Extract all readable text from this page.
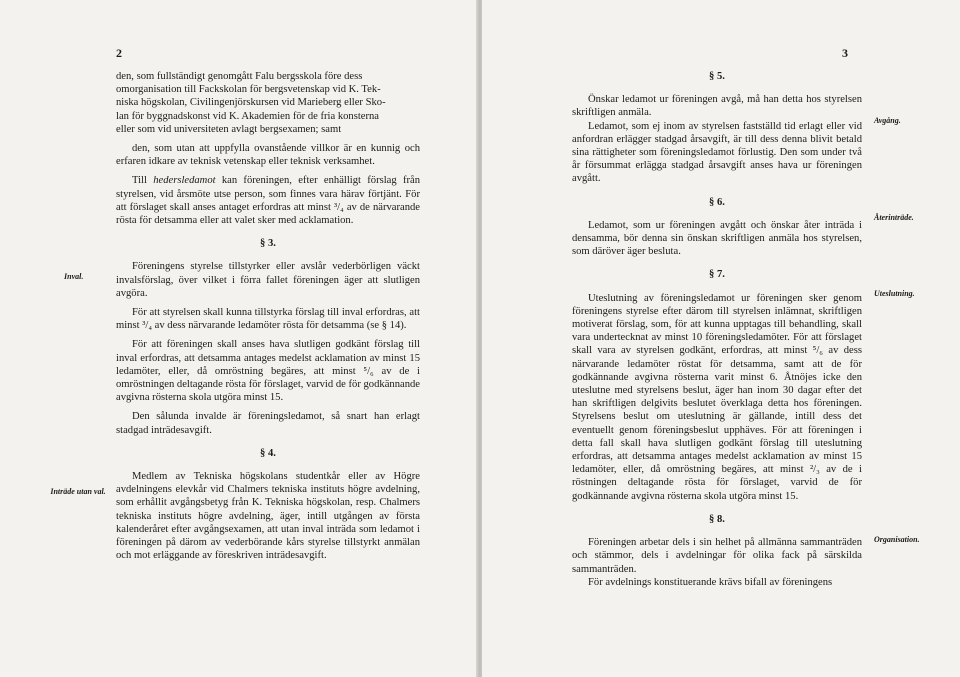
2

den, som fullständigt genomgått Falu bergsskola före dess

omorganisation till Fackskolan för bergsvetenskap vid K. Tek-

niska högskolan, Civilingenjörskursen vid Marieberg eller Sko-

lan för byggnadskonst vid K. Akademien för de fria konsterna

eller som vid universiteten avlagt bergsexamen; samt

den, som utan att uppfylla ovanstående villkor är en kunnig och erfaren idkare av teknisk vetenskap eller teknisk verksamhet.

Till hedersledamot kan föreningen, efter enhälligt förslag från styrelsen, vid årsmöte utse person, som finnes vara härav förtjänt. För att förslaget skall anses antaget erfordras att minst ³/₄ av de närvarande rösta för detsamma eller att valet sker med acklamation.

§ 3.

Föreningens styrelse tillstyrker eller avslår vederbörligen väckt invalsförslag, över vilket i förra fallet föreningen äger att slutligen avgöra.

För att styrelsen skall kunna tillstyrka förslag till inval erfordras, att minst ³/₄ av dess närvarande ledamöter rösta för detsamma (se § 14).

För att föreningen skall anses hava slutligen godkänt förslag till inval erfordras, att detsamma antages medelst acklamation av minst 15 ledamöter, eller, då omröstning begäres, att minst ⁵/₆ av de i omröstningen deltagande rösta för förslaget, varvid de för godkännande avgivna rösterna skola utgöra minst 15.

Den sålunda invalde är föreningsledamot, så snart han erlagt stadgad inträdesavgift.

§ 4.

Medlem av Tekniska högskolans studentkår eller av Högre avdelningens elevkår vid Chalmers tekniska instituts högre avdelning, som erhållit avgångsbetyg från K. Tekniska högskolan, resp. Chalmers tekniska instituts högre avdelning, äger, intill utgången av första kalenderåret efter avgångsexamen, att utan inval inträda som ledamot i föreningen på därom av vederbörande kårs styrelse tillstyrkt anmälan och mot erläggande av föreskriven inträdesavgift.

Inval.
Inträde utan val.
3
§ 5.

Önskar ledamot ur föreningen avgå, må han detta hos styrelsen skriftligen anmäla.

Ledamot, som ej inom av styrelsen fastställd tid erlagt eller vid anfordran erlägger stadgad årsavgift, är till dess denna blivit betald sina rättigheter som föreningsledamot förlustig. Den som under två år försummat erlägga stadgad årsavgift anses hava ur föreningen avgått.

§ 6.

Ledamot, som ur föreningen avgått och önskar åter inträda i densamma, bör denna sin önskan skriftligen anmäla hos styrelsen, som däröver äger besluta.

§ 7.

Uteslutning av föreningsledamot ur föreningen sker genom föreningens styrelse efter därom till styrelsen inlämnat, skriftligen motiverat förslag, som, för att kunna upptagas till behandling, skall vara undertecknat av minst 10 föreningsledamöter. För att förslaget skall vara av styrelsen godkänt, erfordras, att minst ⁵/₆ av dess närvarande ledamöter röstat för detsamma, samt att de för godkännande avgivna rösterna varit minst 6. Åtnöjes icke den uteslutne med styrelsens beslut, äger han inom 30 dagar efter det han skriftligen delgivits beslutet överklaga detta hos föreningen. Styrelsens beslut om uteslutning är gällande, intill dess det eventuellt genom föreningsbeslut upphäves. För att föreningen i detta fall skall hava slutligen godkänt förslag till uteslutning erfordras, att detsamma antages medelst acklamation av minst 15 ledamöter, eller, då omröstning begäres, att minst ²/₃ av de i röstningen deltagande rösta för förslaget, varvid de för godkännande avgivna rösterna skola utgöra minst 15.

§ 8.

Föreningen arbetar dels i sin helhet på allmänna sammanträden och stämmor, dels i avdelningar för olika fack på särskilda sammanträden.

För avdelnings konstituerande krävs bifall av föreningens

Avgång.
Återinträde.
Uteslutning.
Organisation.
